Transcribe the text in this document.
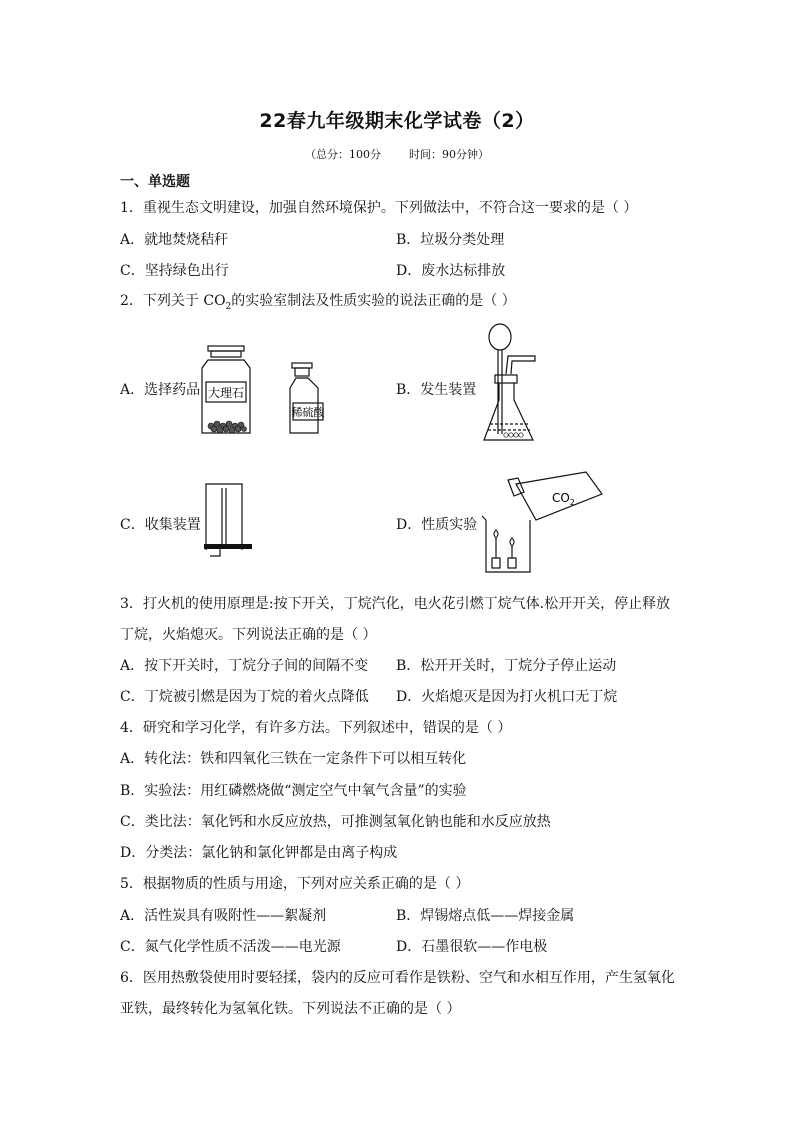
22春九年级期末化学试卷（2）
（总分：100分        时间：90分钟）
一、单选题
1．重视生态文明建设，加强自然环境保护。下列做法中，不符合这一要求的是（ ）
A．就地焚烧秸秆	B．垃圾分类处理
C．坚持绿色出行	D．废水达标排放
2．下列关于 $CO_2$的实验室制法及性质实验的说法正确的是（ ）
A．选择药品	B．发生装置
C．收集装置	D．性质实验
大理石
稀硫酸
$CO_2$
3．打火机的使用原理是:按下开关，丁烷汽化，电火花引燃丁烷气体.松开开关，停止释放
丁烷，火焰熄灭。下列说法正确的是（ ）
A．按下开关时，丁烷分子间的间隔不变 B．松开开关时，丁烷分子停止运动
C．丁烷被引燃是因为丁烷的着火点降低 D．火焰熄灭是因为打火机口无丁烷
4．研究和学习化学，有许多方法。下列叙述中，错误的是（ ）
A．转化法：铁和四氧化三铁在一定条件下可以相互转化
B．实验法：用红磷燃烧做“测定空气中氧气含量”的实验
C．类比法：氧化钙和水反应放热，可推测氢氧化钠也能和水反应放热
D．分类法：氯化钠和氯化钾都是由离子构成
5．根据物质的性质与用途，下列对应关系正确的是（ ）
A．活性炭具有吸附性——絮凝剂	B．焊锡熔点低——焊接金属
C．氮气化学性质不活泼——电光源	D．石墨很软——作电极
6．医用热敷袋使用时要轻揉，袋内的反应可看作是铁粉、空气和水相互作用，产生氢氧化
亚铁，最终转化为氢氧化铁。下列说法不正确的是（ ）
